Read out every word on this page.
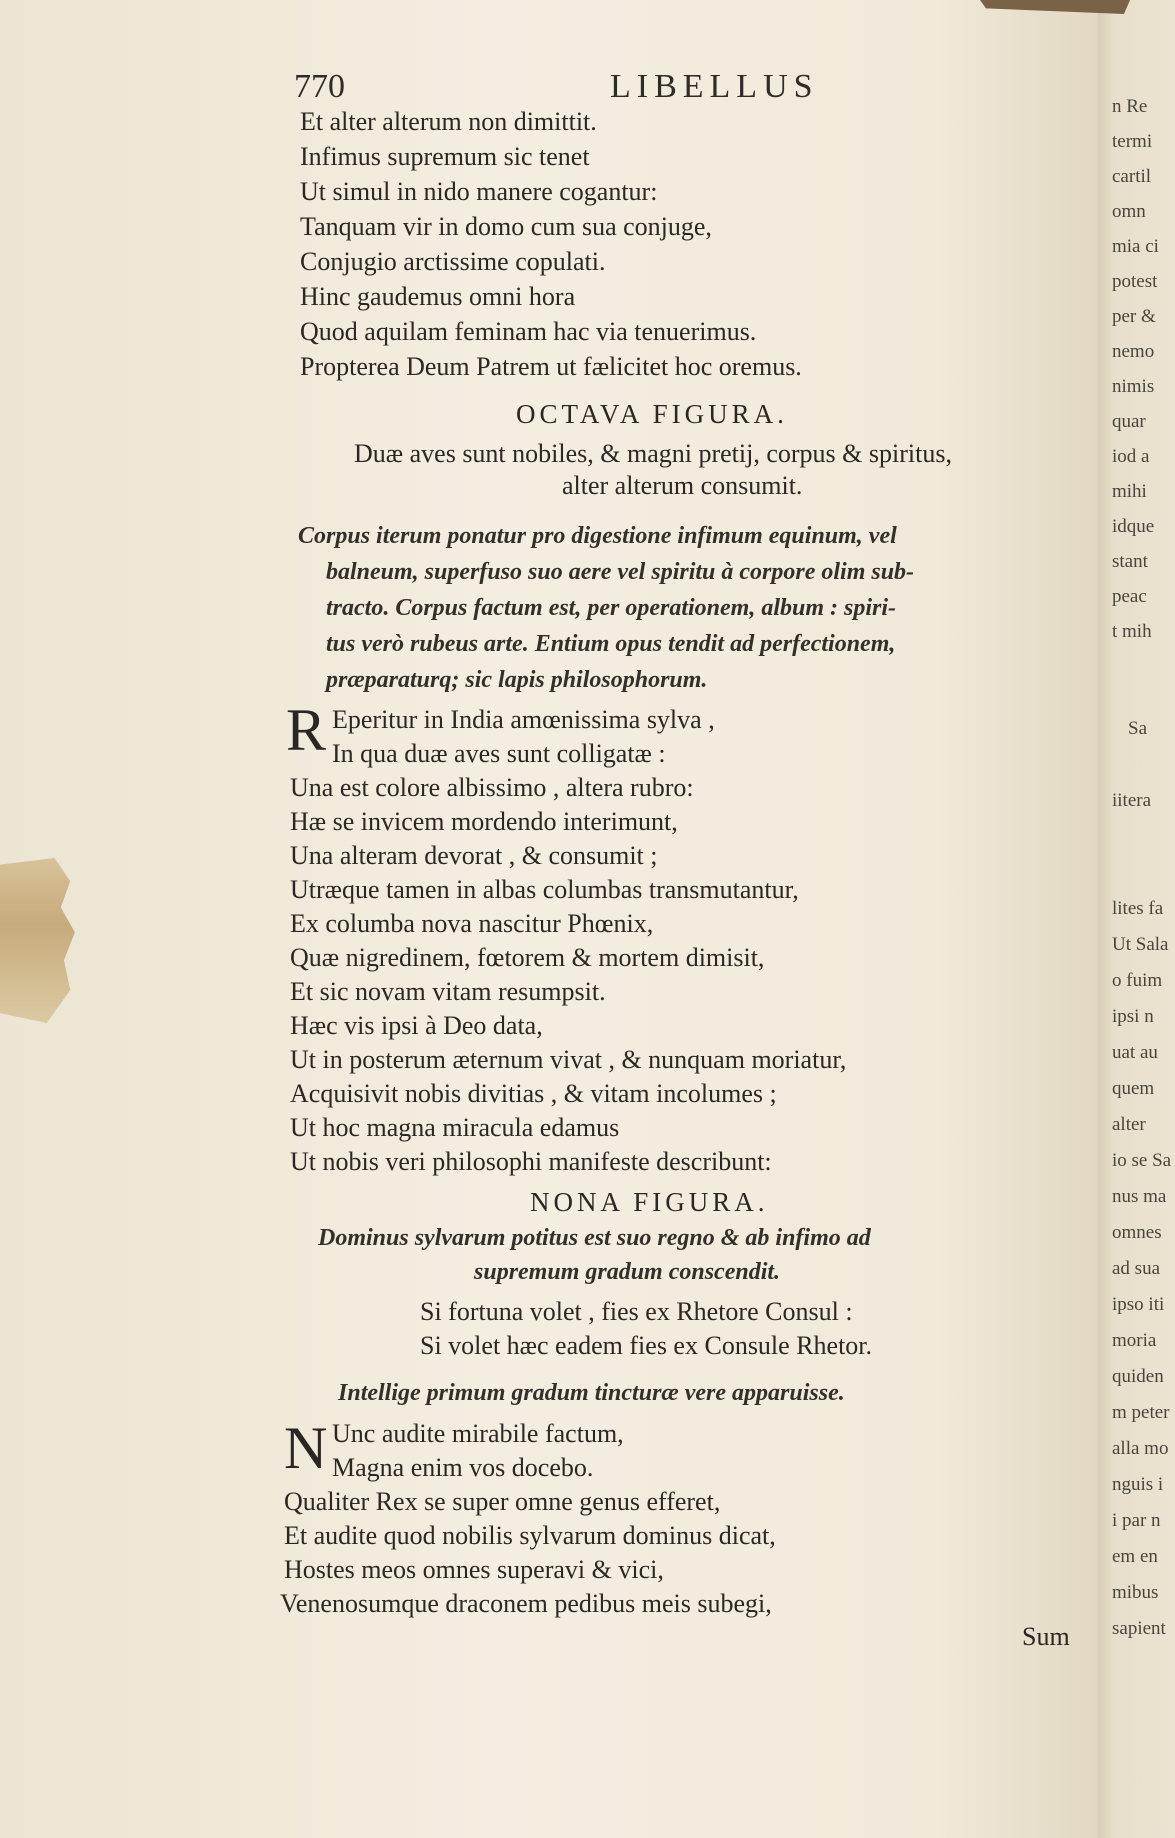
n Re
termi
cartil
omn
mia ci
potest
per &
nemo
nimis
quar
iod a
mihi
idque
stant
peac
t mih
Sa
iitera
lites fa
Ut Sala
o fuim
ipsi n
uat au
quem
alter
io se Sa
nus ma
omnes
ad sua
ipso iti
moria
quiden
m peter
alla mo
nguis i
i par n
em en
mibus
sapient
770	LIBELLUS
Et alter alterum non dimittit.
Infimus supremum sic tenet
Ut simul in nido manere cogantur:
Tanquam vir in domo cum sua conjuge,
Conjugio arctissime copulati.
Hinc gaudemus omni hora
Quod aquilam feminam hac via tenuerimus.
Propterea Deum Patrem ut fælicitet hoc oremus.
OCTAVA FIGURA.
Duæ aves sunt nobiles, & magni pretij, corpus & spiritus,
alter alterum consumit.
Corpus iterum ponatur pro digestione infimum equinum, vel
balneum, superfuso suo aere vel spiritu à corpore olim sub-
tracto. Corpus factum est, per operationem, album : spiri-
tus verò rubeus arte. Entium opus tendit ad perfectionem,
præparaturq; sic lapis philosophorum.
R Eperitur in India amœnissima sylva ,
In qua duæ aves sunt colligatæ :
Una est colore albissimo , altera rubro:
Hæ se invicem mordendo interimunt,
Una alteram devorat , & consumit ;
Utræque tamen in albas columbas transmutantur,
Ex columba nova nascitur Phœnix,
Quæ nigredinem, fœtorem & mortem dimisit,
Et sic novam vitam resumpsit.
Hæc vis ipsi à Deo data,
Ut in posterum æternum vivat , & nunquam moriatur,
Acquisivit nobis divitias , & vitam incolumes ;
Ut hoc magna miracula edamus
Ut nobis veri philosophi manifeste describunt:
NONA FIGURA.
Dominus sylvarum potitus est suo regno & ab infimo ad
supremum gradum conscendit.
Si fortuna volet , fies ex Rhetore Consul :
Si volet hæc eadem fies ex Consule Rhetor.
Intellige primum gradum tincturæ vere apparuisse.
N Unc audite mirabile factum,
Magna enim vos docebo.
Qualiter Rex se super omne genus efferet,
Et audite quod nobilis sylvarum dominus dicat,
Hostes meos omnes superavi & vici,
Venenosumque draconem pedibus meis subegi,
Sum
